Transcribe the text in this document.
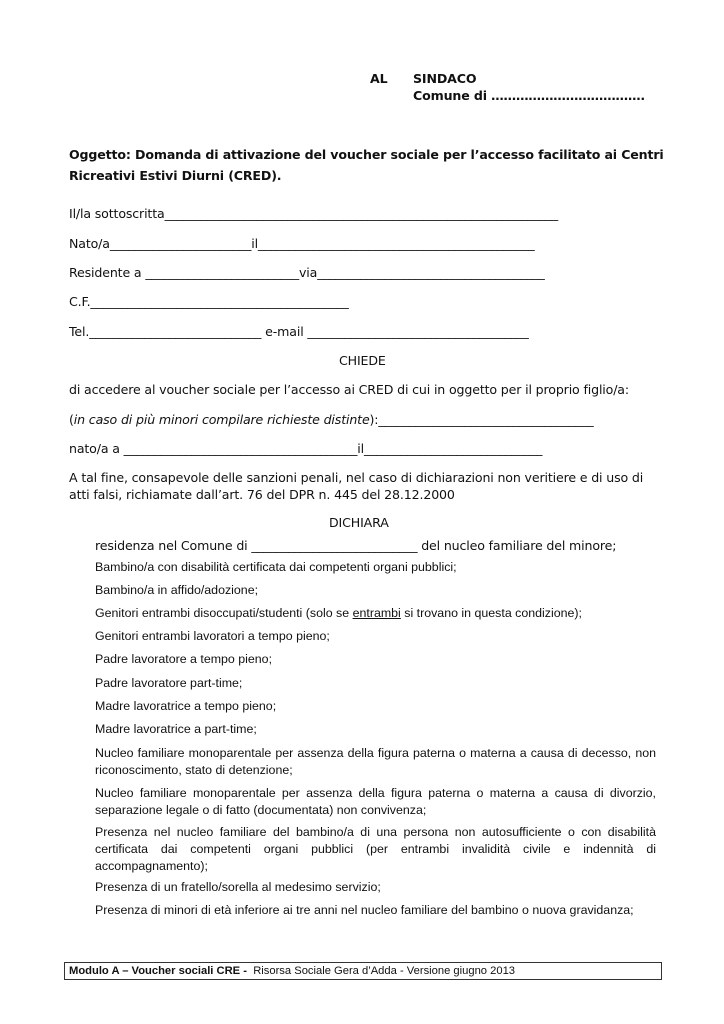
AL SINDACO
Comune di ……………………………….
Oggetto: Domanda di attivazione del voucher sociale per l’accesso facilitato ai Centri
Ricreativi Estivi Diurni (CRED).
Il/la sottoscritta________________________________________________________________
Nato/a_______________________il_____________________________________________
Residente a _________________________via_____________________________________
C.F.__________________________________________
Tel.____________________________ e-mail ____________________________________
CHIEDE
di accedere al voucher sociale per l’accesso ai CRED di cui in oggetto per il proprio figlio/a:
(in caso di più minori compilare richieste distinte):___________________________________
nato/a a ______________________________________il_____________________________
A tal fine, consapevole delle sanzioni penali, nel caso di dichiarazioni non veritiere e di uso di
atti falsi, richiamate dall’art. 76 del DPR n. 445 del 28.12.2000
DICHIARA
residenza nel Comune di ___________________________ del nucleo familiare del minore;
Bambino/a con disabilità certificata dai competenti organi pubblici;
Bambino/a in affido/adozione;
Genitori entrambi disoccupati/studenti (solo se entrambi si trovano in questa condizione);
Genitori entrambi lavoratori a tempo pieno;
Padre lavoratore a tempo pieno;
Padre lavoratore part-time;
Madre lavoratrice a tempo pieno;
Madre lavoratrice a part-time;
Nucleo familiare monoparentale per assenza della figura paterna o materna a causa di decesso, non riconoscimento, stato di detenzione;
Nucleo familiare monoparentale per assenza della figura paterna o materna a causa di divorzio, separazione legale o di fatto (documentata) non convivenza;
Presenza nel nucleo familiare del bambino/a di una persona non autosufficiente o con disabilità certificata dai competenti organi pubblici (per entrambi invalidità civile e indennità di accompagnamento);
Presenza di un fratello/sorella al medesimo servizio;
Presenza di minori di età inferiore ai tre anni nel nucleo familiare del bambino o nuova gravidanza;
Modulo A – Voucher sociali CRE - Risorsa Sociale Gera d’Adda - Versione giugno 2013
